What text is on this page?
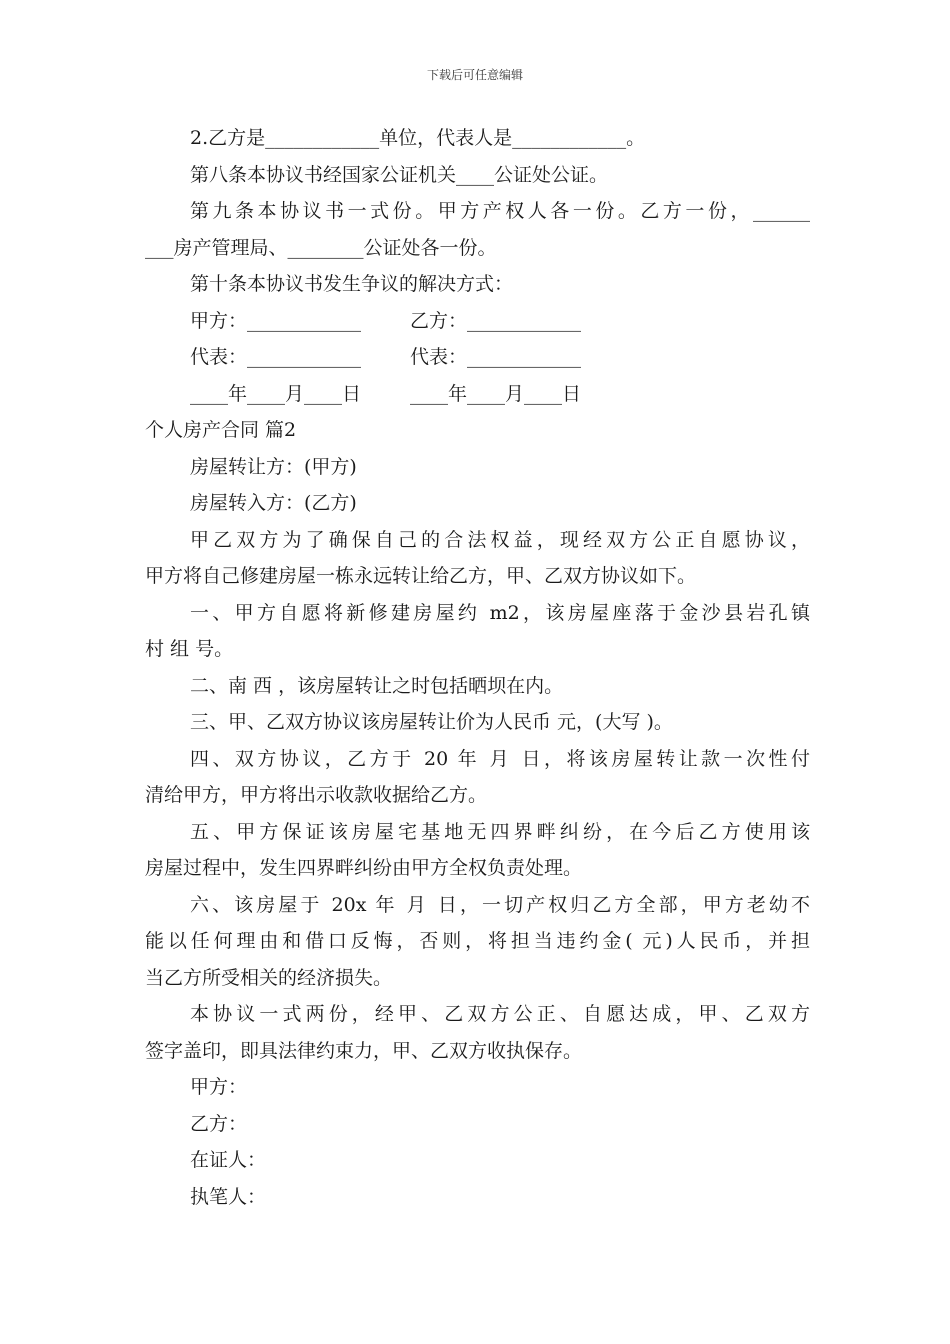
下载后可任意编辑

2.乙方是____________单位，代表人是____________。

第八条本协议书经国家公证机关____公证处公证。

第九条本协议书一式份。甲方产权人各一份。乙方一份，______

___房产管理局、________公证处各一份。

第十条本协议书发生争议的解决方式：

甲方：____________	乙方：____________
代表：____________	代表：____________
____年____月____日	____年____月____日

个人房产合同 篇2

房屋转让方：(甲方)

房屋转入方：(乙方)

甲乙双方为了确保自己的合法权益，现经双方公正自愿协议，

甲方将自己修建房屋一栋永远转让给乙方，甲、乙双方协议如下。

一、甲方自愿将新修建房屋约 m2，该房屋座落于金沙县岩孔镇

村 组 号。

二、南 西 ，该房屋转让之时包括晒坝在内。

三、甲、乙双方协议该房屋转让价为人民币 元，(大写 )。

四、双方协议，乙方于 20 年 月 日，将该房屋转让款一次性付

清给甲方，甲方将出示收款收据给乙方。

五、甲方保证该房屋宅基地无四界畔纠纷，在今后乙方使用该

房屋过程中，发生四界畔纠纷由甲方全权负责处理。

六、该房屋于 20x 年 月 日，一切产权归乙方全部，甲方老幼不

能以任何理由和借口反悔，否则，将担当违约金( 元)人民币，并担

当乙方所受相关的经济损失。

本协议一式两份，经甲、乙双方公正、自愿达成，甲、乙双方

签字盖印，即具法律约束力，甲、乙双方收执保存。

甲方：

乙方：

在证人：

执笔人：
